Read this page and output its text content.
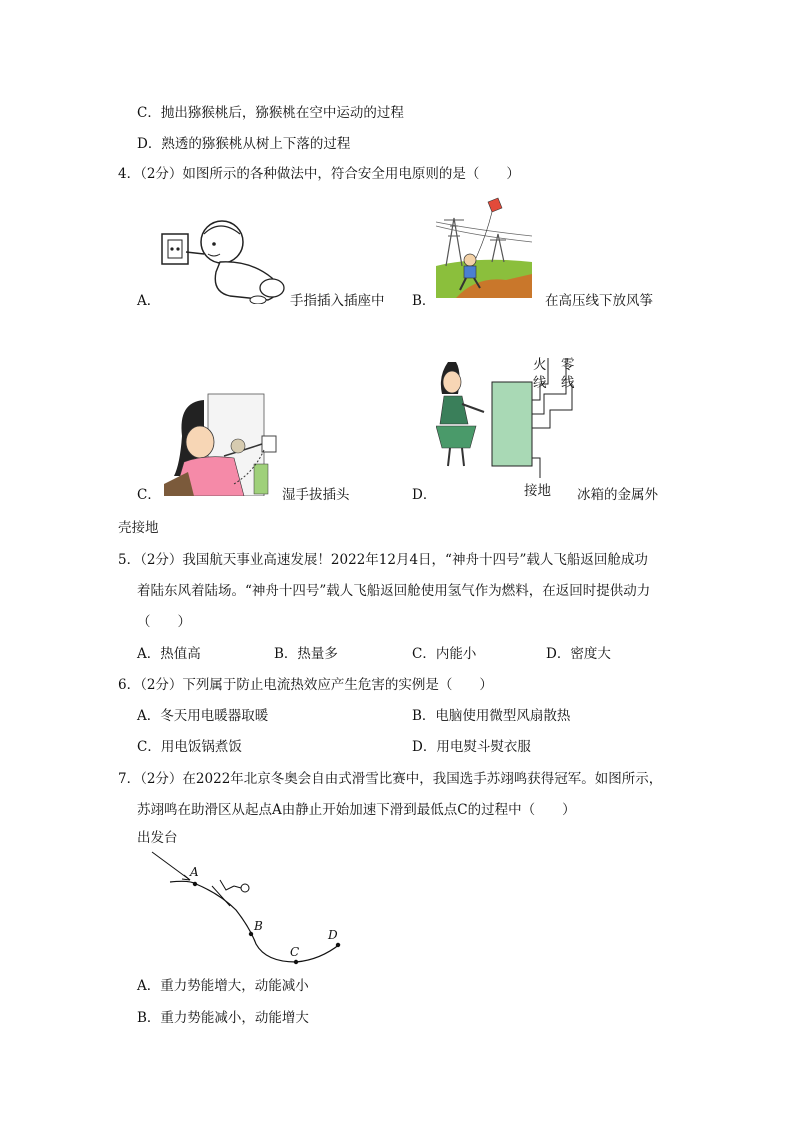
C．抛出猕猴桃后，猕猴桃在空中运动的过程
D．熟透的猕猴桃从树上下落的过程
4．（2分）如图所示的各种做法中，符合安全用电原则的是（　　）
A．	手指插入插座中 B．	在高压线下放风筝
C．	湿手拔插头	D．
火
线
零
线
接地 冰箱的金属外
壳接地
5．（2分）我国航天事业高速发展！2022年12月4日，“神舟十四号”载人飞船返回舱成功
着陆东风着陆场。“神舟十四号”载人飞船返回舱使用氢气作为燃料，在返回时提供动力
（　　）
A．热值高	B．热量多	C．内能小	D．密度大
6．（2分）下列属于防止电流热效应产生危害的实例是（　　）
A．冬天用电暖器取暖	B．电脑使用微型风扇散热
C．用电饭锅煮饭	D．用电熨斗熨衣服
7．（2分）在2022年北京冬奥会自由式滑雪比赛中，我国选手苏翊鸣获得冠军。如图所示，
苏翊鸣在助滑区从起点A由静止开始加速下滑到最低点C的过程中（　　）
出发台
A
B
C
D
A．重力势能增大，动能减小
B．重力势能减小，动能增大
